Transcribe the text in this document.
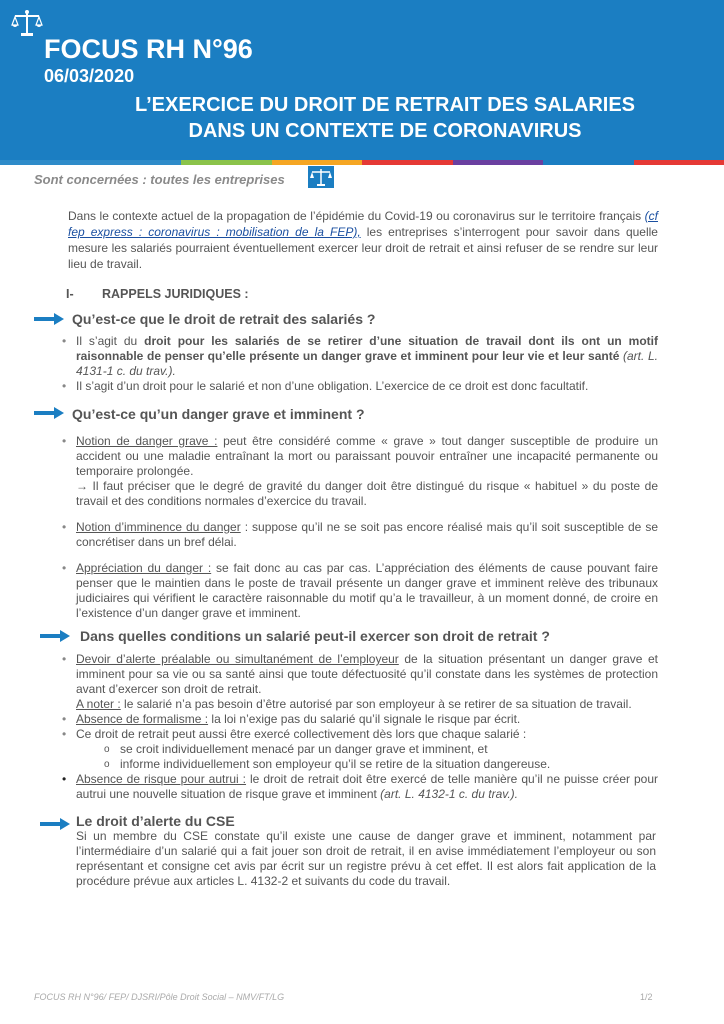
FOCUS RH N°96
06/03/2020
L’EXERCICE DU DROIT DE RETRAIT DES SALARIES
DANS UN CONTEXTE DE CORONAVIRUS
Sont concernées : toutes les entreprises
Dans le contexte actuel de la propagation de l’épidémie du Covid-19 ou coronavirus sur le territoire français (cf fep express : coronavirus : mobilisation de la FEP), les entreprises s’interrogent pour savoir dans quelle mesure les salariés pourraient éventuellement exercer leur droit de retrait et ainsi refuser de se rendre sur leur lieu de travail.
I- RAPPELS JURIDIQUES :
Qu’est-ce que le droit de retrait des salariés ?
• Il s’agit du droit pour les salariés de se retirer d’une situation de travail dont ils ont un motif raisonnable de penser qu’elle présente un danger grave et imminent pour leur vie et leur santé (art. L. 4131-1 c. du trav.).
• Il s’agit d’un droit pour le salarié et non d’une obligation. L’exercice de ce droit est donc facultatif.
Qu’est-ce qu’un danger grave et imminent ?
• Notion de danger grave : peut être considéré comme « grave » tout danger susceptible de produire un accident ou une maladie entraînant la mort ou paraissant pouvoir entraîner une incapacité permanente ou temporaire prolongée.
→ Il faut préciser que le degré de gravité du danger doit être distingué du risque « habituel » du poste de travail et des conditions normales d’exercice du travail.
• Notion d’imminence du danger : suppose qu’il ne se soit pas encore réalisé mais qu’il soit susceptible de se concrétiser dans un bref délai.
• Appréciation du danger : se fait donc au cas par cas. L’appréciation des éléments de cause pouvant faire penser que le maintien dans le poste de travail présente un danger grave et imminent relève des tribunaux judiciaires qui vérifient le caractère raisonnable du motif qu’a le travailleur, à un moment donné, de croire en l’existence d’un danger grave et imminent.
Dans quelles conditions un salarié peut-il exercer son droit de retrait ?
• Devoir d’alerte préalable ou simultanément de l’employeur de la situation présentant un danger grave et imminent pour sa vie ou sa santé ainsi que toute défectuosité qu’il constate dans les systèmes de protection avant d’exercer son droit de retrait.
A noter : le salarié n’a pas besoin d’être autorisé par son employeur à se retirer de sa situation de travail.
• Absence de formalisme : la loi n’exige pas du salarié qu’il signale le risque par écrit.
• Ce droit de retrait peut aussi être exercé collectivement dès lors que chaque salarié :
o se croit individuellement menacé par un danger grave et imminent, et
o informe individuellement son employeur qu’il se retire de la situation dangereuse.
• Absence de risque pour autrui : le droit de retrait doit être exercé de telle manière qu’il ne puisse créer pour autrui une nouvelle situation de risque grave et imminent (art. L. 4132-1 c. du trav.).
Le droit d’alerte du CSE
Si un membre du CSE constate qu’il existe une cause de danger grave et imminent, notamment par l’intermédiaire d’un salarié qui a fait jouer son droit de retrait, il en avise immédiatement l’employeur ou son représentant et consigne cet avis par écrit sur un registre prévu à cet effet. Il est alors fait application de la procédure prévue aux articles L. 4132-2 et suivants du code du travail.
FOCUS RH N°96/ FEP/ DJSRI/Pôle Droit Social – NMV/FT/LG	1/2
